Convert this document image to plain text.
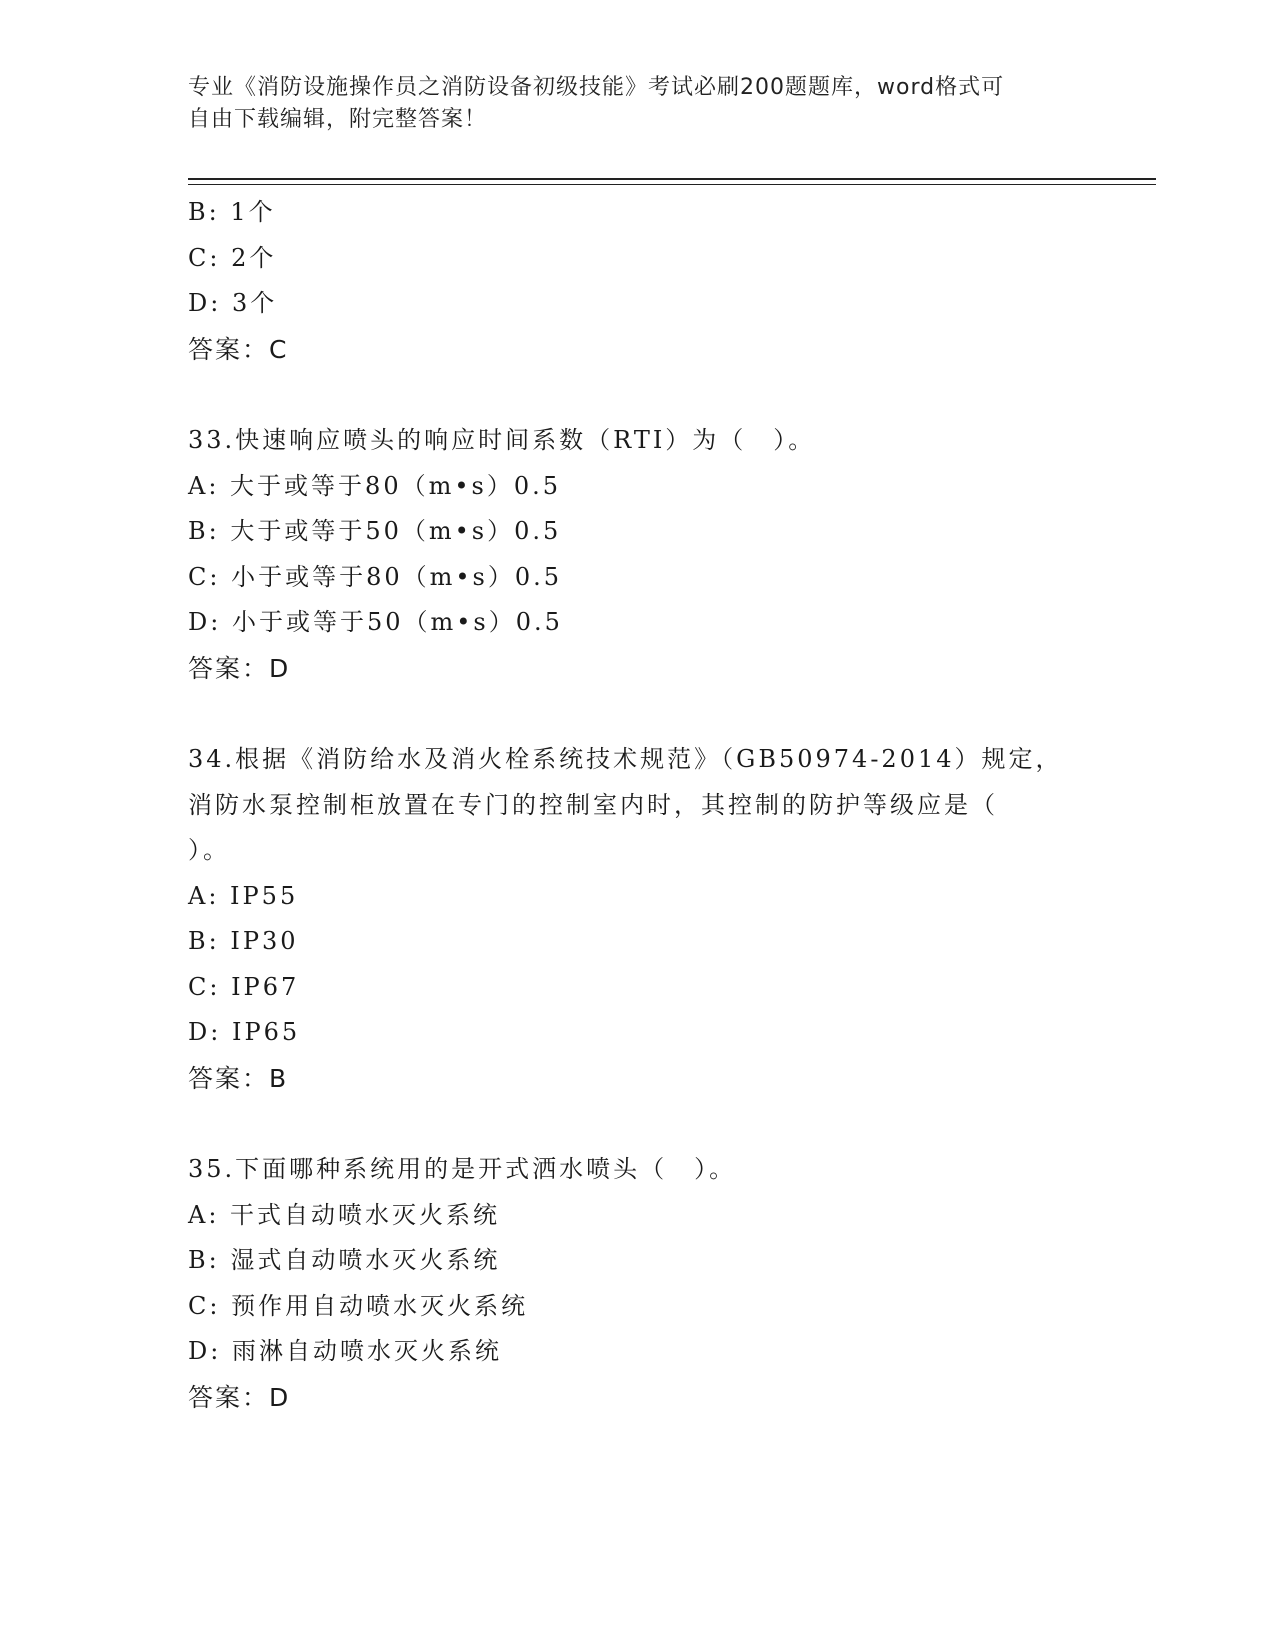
专业《消防设施操作员之消防设备初级技能》考试必刷200题题库，word格式可
自由下载编辑，附完整答案！
B: 1个
C: 2个
D: 3个
答案：C
33.快速响应喷头的响应时间系数（RTI）为（　）。
A: 大于或等于80（m•s）0.5
B: 大于或等于50（m•s）0.5
C: 小于或等于80（m•s）0.5
D: 小于或等于50（m•s）0.5
答案：D
34.根据《消防给水及消火栓系统技术规范》（GB50974-2014）规定，
消防水泵控制柜放置在专门的控制室内时，其控制的防护等级应是（
）。
A: IP55
B: IP30
C: IP67
D: IP65
答案：B
35.下面哪种系统用的是开式洒水喷头（　）。
A: 干式自动喷水灭火系统
B: 湿式自动喷水灭火系统
C: 预作用自动喷水灭火系统
D: 雨淋自动喷水灭火系统
答案：D
